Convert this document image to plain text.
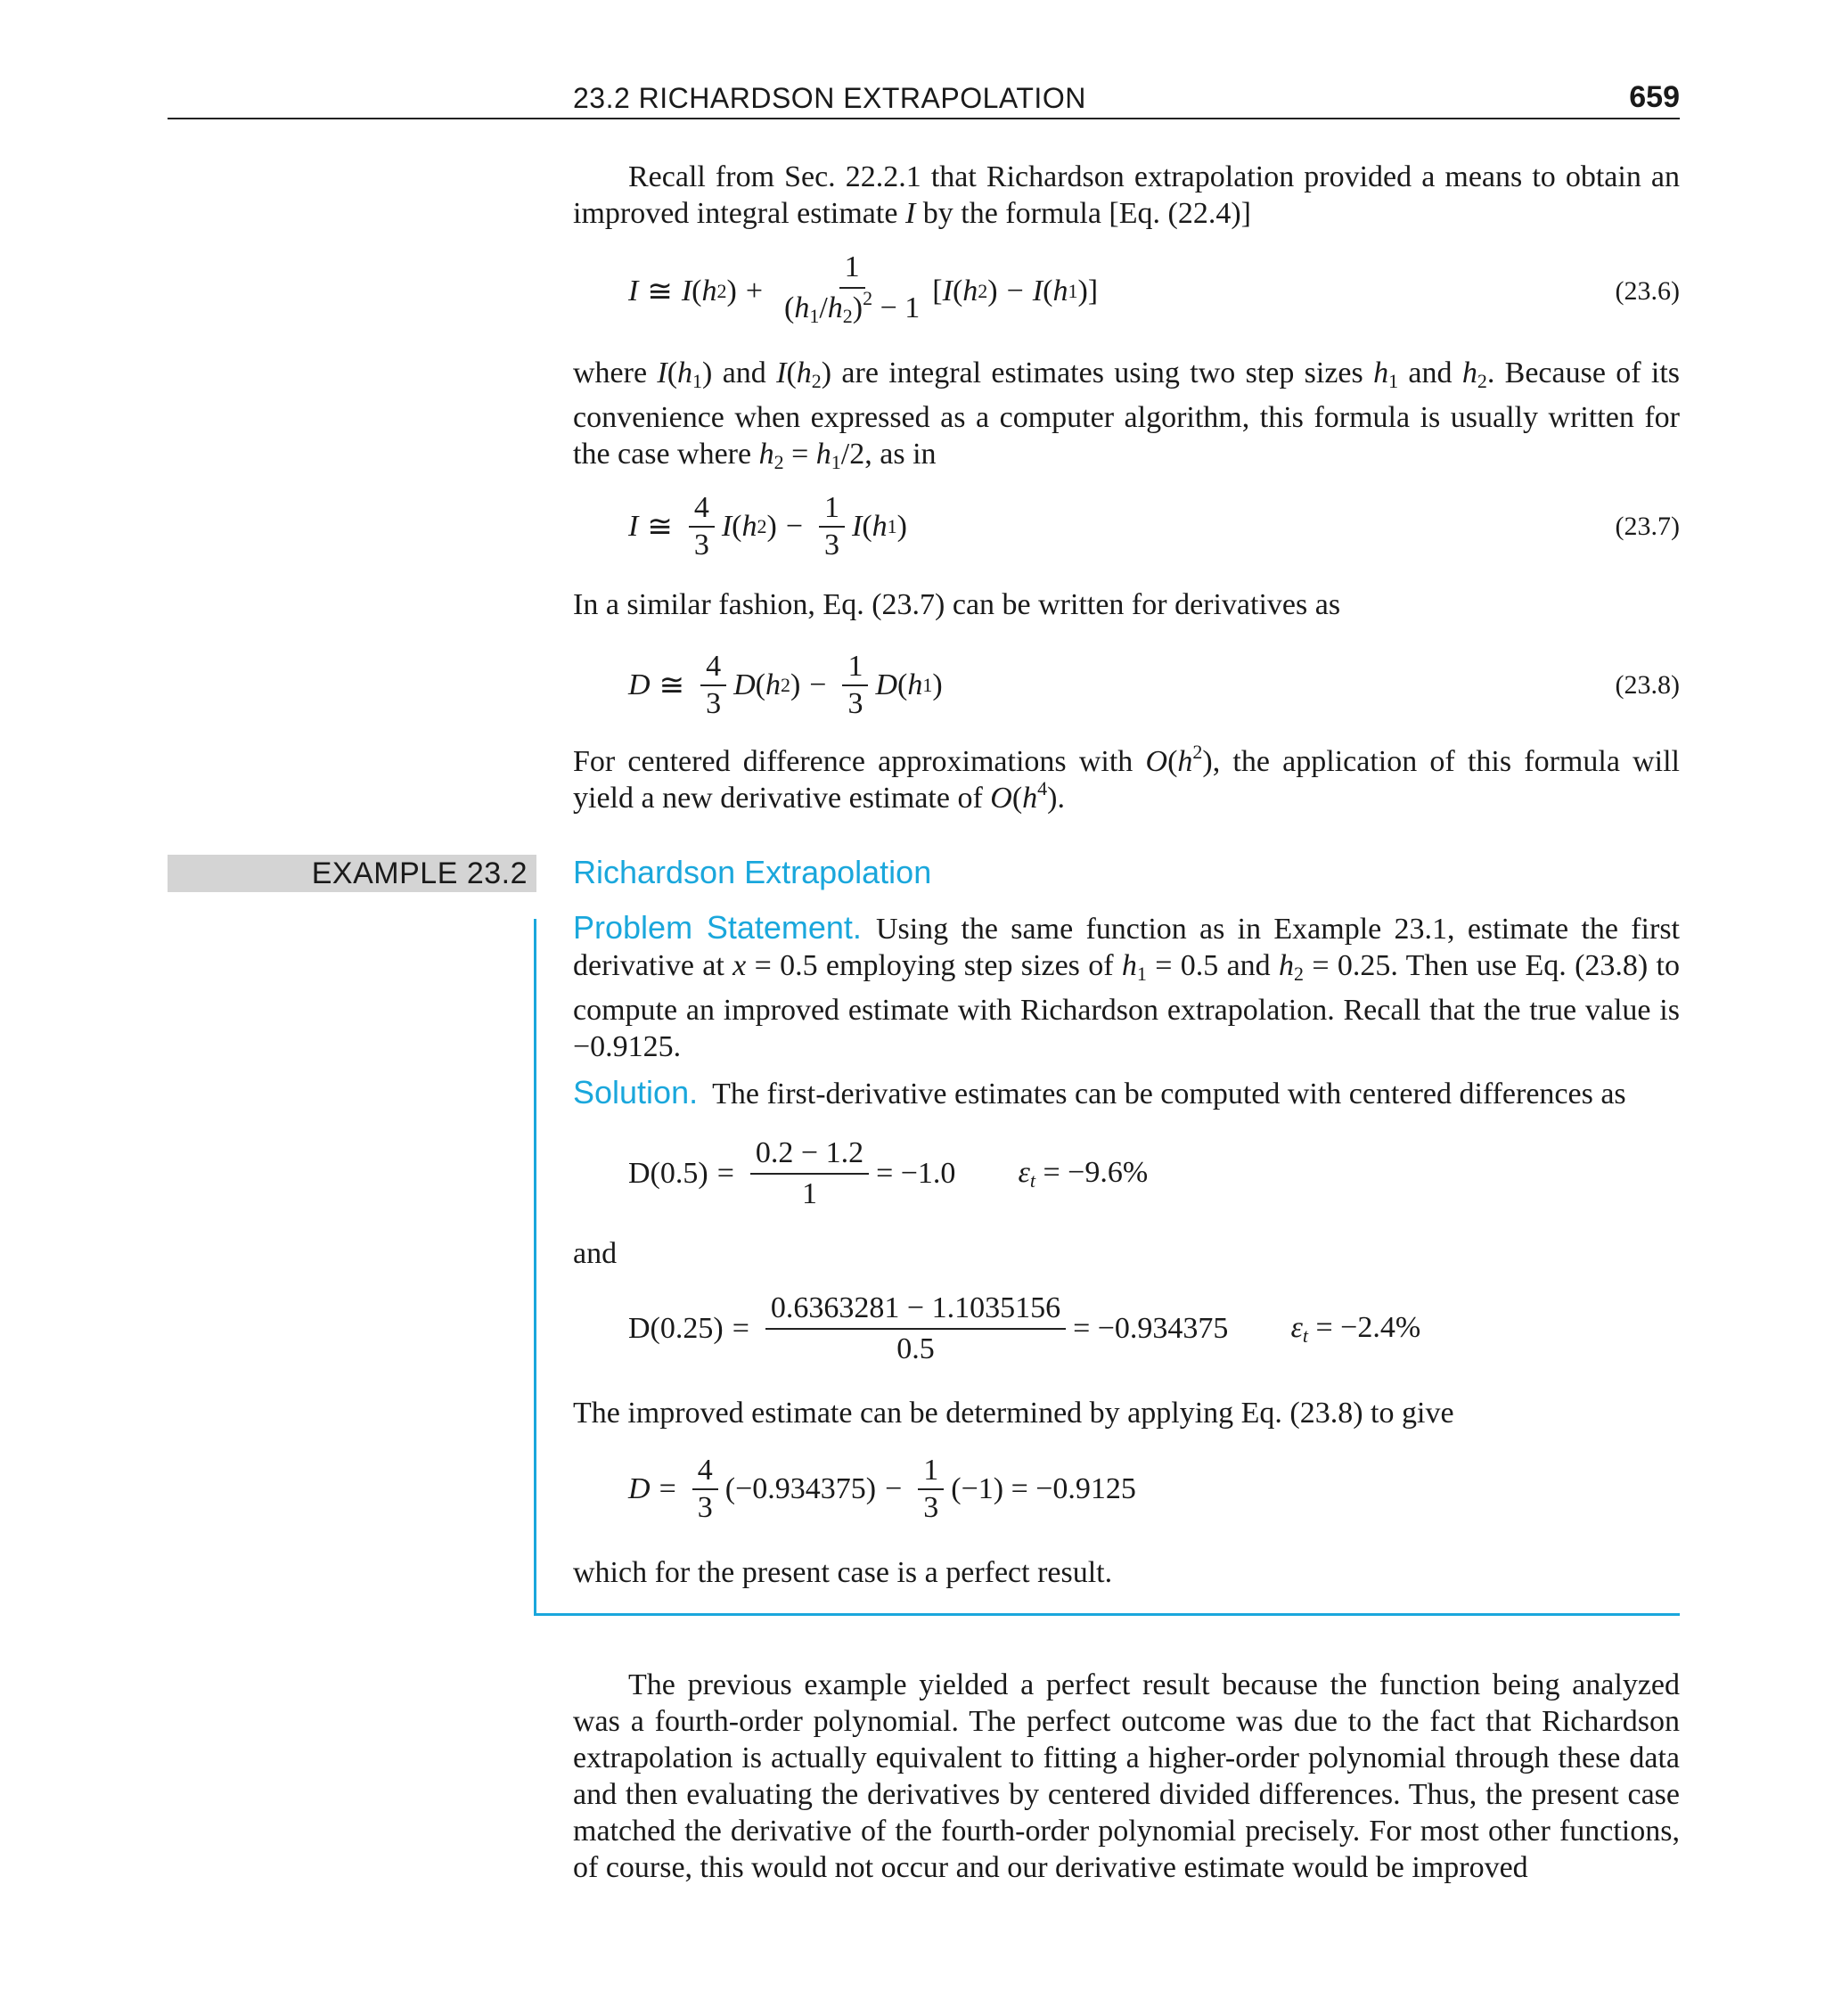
23.2 RICHARDSON EXTRAPOLATION	659
Recall from Sec. 22.2.1 that Richardson extrapolation provided a means to obtain an improved integral estimate I by the formula [Eq. (22.4)]
I ≅ I ( h 2 ) + $\frac{1}{(h_1/h_2)^2 - 1}$ [ I ( h 2 ) − I ( h 1 )]	(23.6)
where $I(h_1)$ and $I(h_2)$ are integral estimates using two step sizes $h_1$ and $h_2$. Because of its convenience when expressed as a computer algorithm, this formula is usually written for the case where $h_2 = h_1/2$, as in
I ≅ $\frac{4}{3}$ I ( h 2 ) − $\frac{1}{3}$ I ( h 1 )	(23.7)
In a similar fashion, Eq. (23.7) can be written for derivatives as
D ≅ $\frac{4}{3}$ D ( h 2 ) − $\frac{1}{3}$ D ( h 1 )	(23.8)
For centered difference approximations with $O(h^2)$, the application of this formula will yield a new derivative estimate of $O(h^4)$.
EXAMPLE 23.2 Richardson Extrapolation
Problem Statement. Using the same function as in Example 23.1, estimate the first derivative at x = 0.5 employing step sizes of $h_1 = 0.5$ and $h_2 = 0.25$. Then use Eq. (23.8) to compute an improved estimate with Richardson extrapolation. Recall that the true value is −0.9125.
Solution. The first-derivative estimates can be computed with centered differences as
$D(0.5) = \frac{0.2 - 1.2}{1} = -1.0$ $\varepsilon_t = -9.6\%$
and
$D(0.25) = \frac{0.6363281 - 1.1035156}{0.5} = -0.934375$ $\varepsilon_t = -2.4\%$
The improved estimate can be determined by applying Eq. (23.8) to give
$D = \frac{4}{3} (-0.934375) - \frac{1}{3} (-1) = -0.9125$
which for the present case is a perfect result.
The previous example yielded a perfect result because the function being analyzed was a fourth-order polynomial. The perfect outcome was due to the fact that Richardson extrapolation is actually equivalent to fitting a higher-order polynomial through these data and then evaluating the derivatives by centered divided differences. Thus, the present case matched the derivative of the fourth-order polynomial precisely. For most other functions, of course, this would not occur and our derivative estimate would be improved
